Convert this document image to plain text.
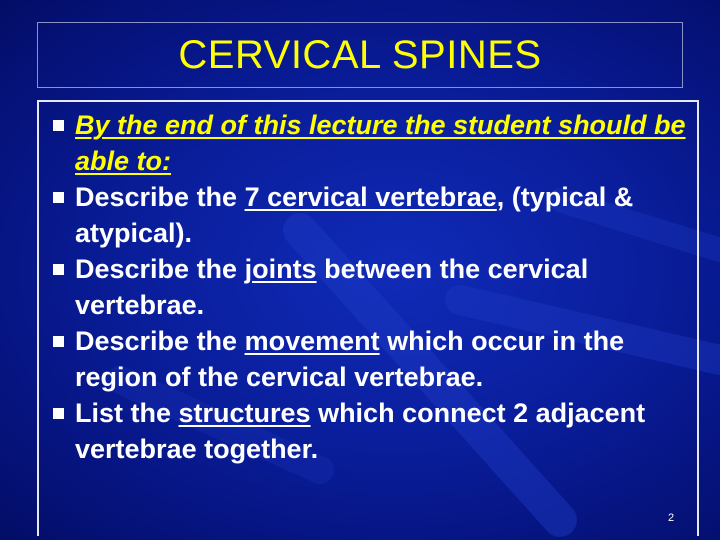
CERVICAL SPINES
By the end of this lecture the student should be able to:
Describe the 7 cervical vertebrae, (typical & atypical).
Describe the joints between the cervical vertebrae.
Describe the movement which occur in the region of the cervical vertebrae.
List the structures which connect 2 adjacent vertebrae together.
2
